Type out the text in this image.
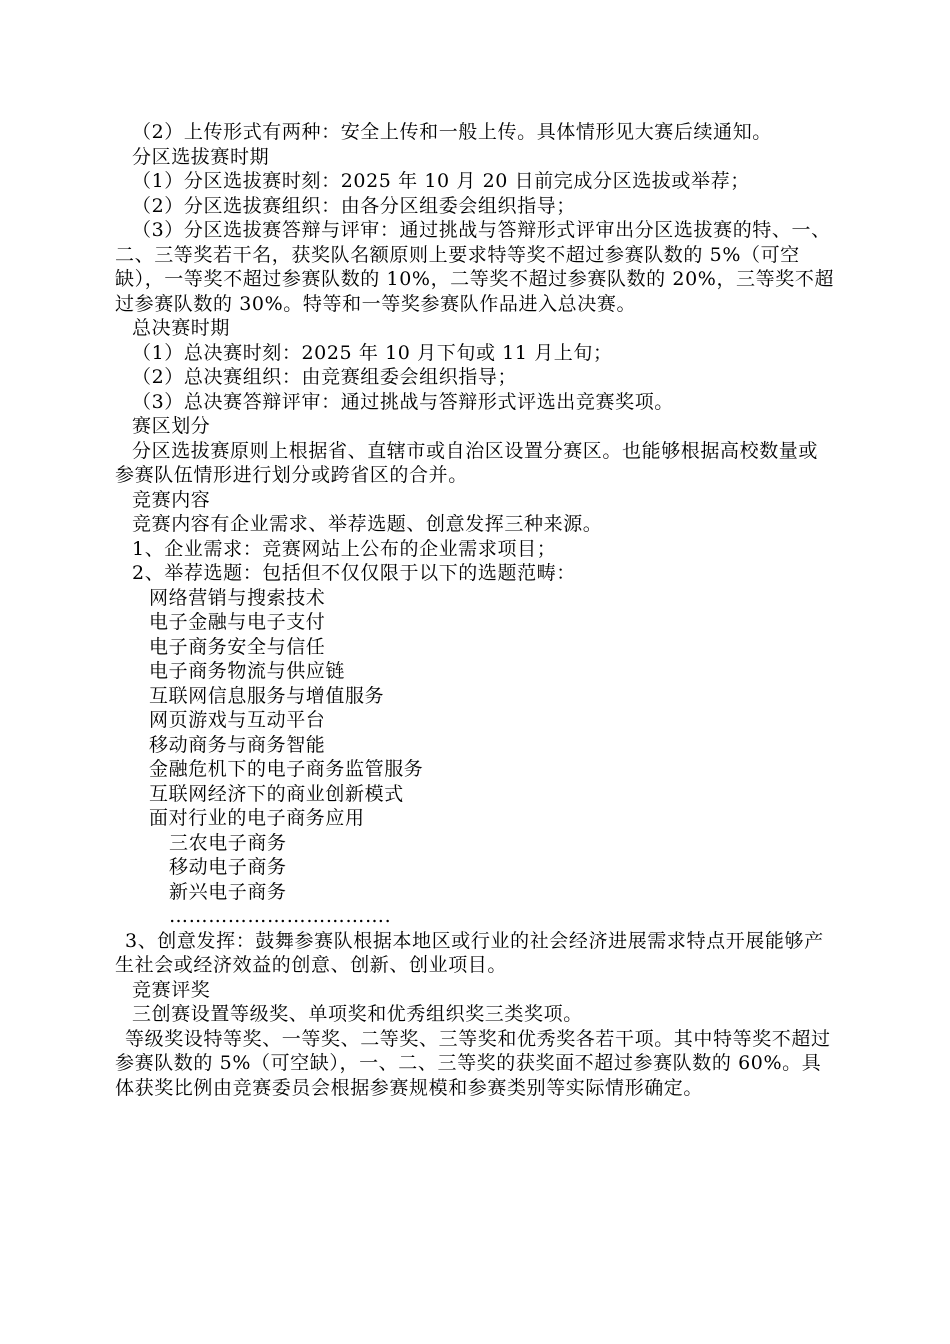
（2）上传形式有两种：安全上传和一般上传。具体情形见大赛后续通知。
分区选拔赛时期
（1）分区选拔赛时刻：2025 年 10 月 20 日前完成分区选拔或举荐；
（2）分区选拔赛组织：由各分区组委会组织指导；
（3）分区选拔赛答辩与评审：通过挑战与答辩形式评审出分区选拔赛的特、一、二、三等奖若干名，获奖队名额原则上要求特等奖不超过参赛队数的 5%（可空缺），一等奖不超过参赛队数的 10%，二等奖不超过参赛队数的 20%，三等奖不超过参赛队数的 30%。特等和一等奖参赛队作品进入总决赛。
总决赛时期
（1）总决赛时刻：2025 年 10 月下旬或 11 月上旬；
（2）总决赛组织：由竞赛组委会组织指导；
（3）总决赛答辩评审：通过挑战与答辩形式评选出竞赛奖项。
赛区划分
分区选拔赛原则上根据省、直辖市或自治区设置分赛区。也能够根据高校数量或参赛队伍情形进行划分或跨省区的合并。
竞赛内容
竞赛内容有企业需求、举荐选题、创意发挥三种来源。
1、企业需求：竞赛网站上公布的企业需求项目；
2、举荐选题：包括但不仅仅限于以下的选题范畴：
网络营销与搜索技术
电子金融与电子支付
电子商务安全与信任
电子商务物流与供应链
互联网信息服务与增值服务
网页游戏与互动平台
移动商务与商务智能
金融危机下的电子商务监管服务
互联网经济下的商业创新模式
面对行业的电子商务应用
三农电子商务
移动电子商务
新兴电子商务
…………………………….
3、创意发挥：鼓舞参赛队根据本地区或行业的社会经济进展需求特点开展能够产生社会或经济效益的创意、创新、创业项目。
竞赛评奖
三创赛设置等级奖、单项奖和优秀组织奖三类奖项。
等级奖设特等奖、一等奖、二等奖、三等奖和优秀奖各若干项。其中特等奖不超过参赛队数的 5%（可空缺），一、二、三等奖的获奖面不超过参赛队数的 60%。具体获奖比例由竞赛委员会根据参赛规模和参赛类别等实际情形确定。
